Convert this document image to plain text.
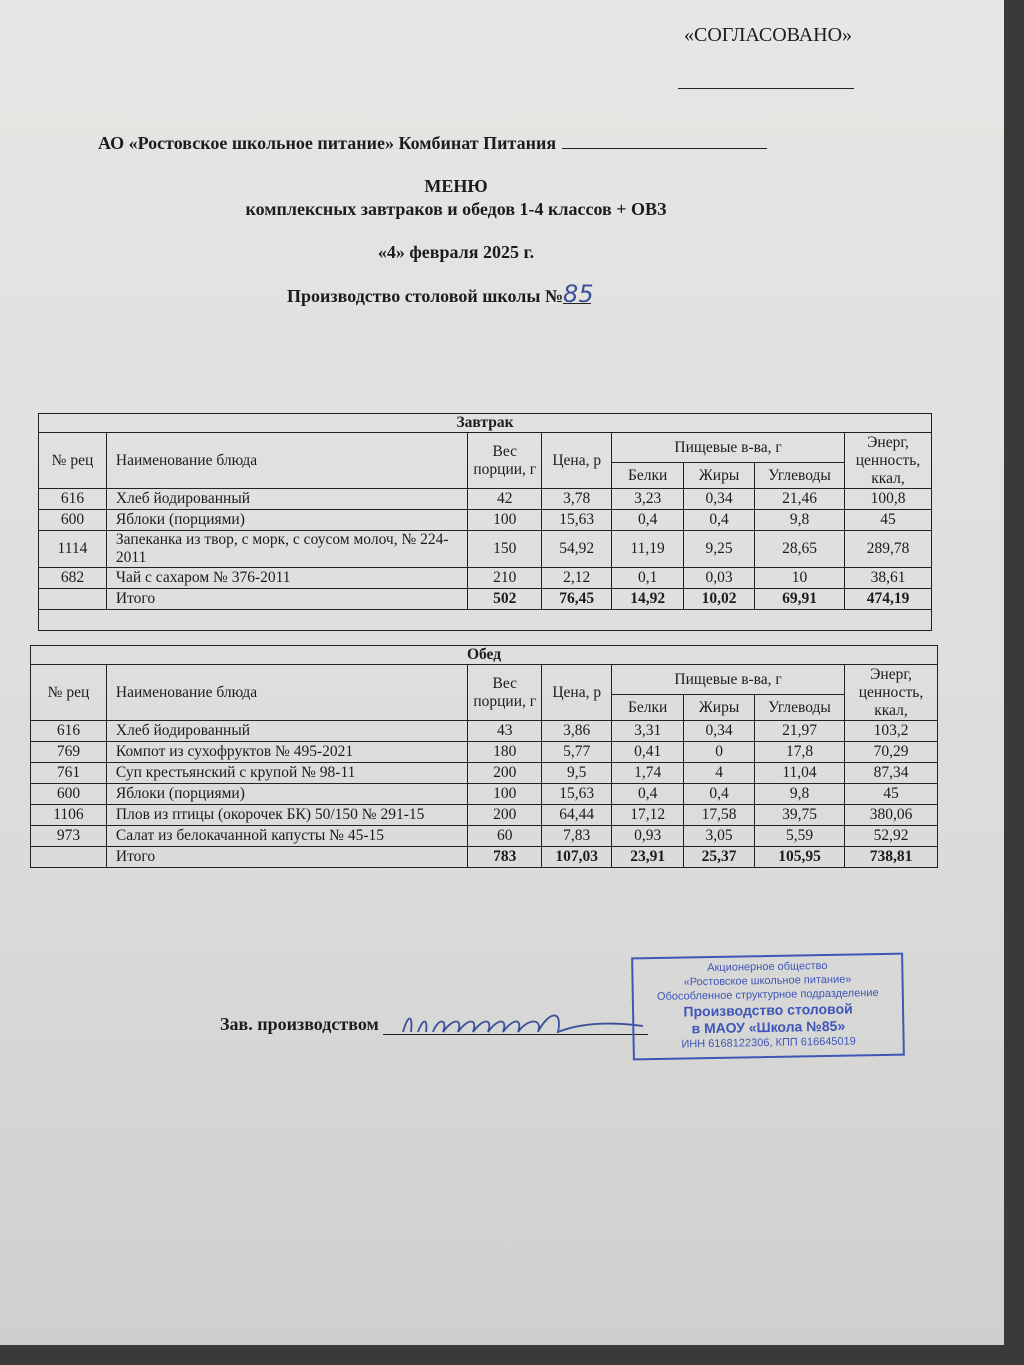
«СОГЛАСОВАНО»
АО «Ростовское школьное питание» Комбинат Питания
МЕНЮ
комплексных завтраков и обедов 1-4 классов + ОВЗ
«4» февраля 2025 г.
Производство столовой школы №85
Завтрак							
№ рец	Наименование блюда	Вес порции, г	Цена, р	Пищевые в-ва, г			Энерг, ценность, ккал,
				Белки	Жиры	Углеводы	
616	Хлеб йодированный	42	3,78	3,23	0,34	21,46	100,8
600	Яблоки (порциями)	100	15,63	0,4	0,4	9,8	45
1114	Запеканка из твор, с морк, с соусом молоч, № 224-2011	150	54,92	11,19	9,25	28,65	289,78
682	Чай с сахаром № 376-2011	210	2,12	0,1	0,03	10	38,61
	Итого	502	76,45	14,92	10,02	69,91	474,19

Обед							
№ рец	Наименование блюда	Вес порции, г	Цена, р	Пищевые в-ва, г			Энерг, ценность, ккал,
				Белки	Жиры	Углеводы	
616	Хлеб йодированный	43	3,86	3,31	0,34	21,97	103,2
769	Компот из сухофруктов № 495-2021	180	5,77	0,41	0	17,8	70,29
761	Суп крестьянский с крупой № 98-11	200	9,5	1,74	4	11,04	87,34
600	Яблоки (порциями)	100	15,63	0,4	0,4	9,8	45
1106	Плов из птицы (окорочек БК) 50/150 № 291-15	200	64,44	17,12	17,58	39,75	380,06
973	Салат из белокачанной капусты № 45-15	60	7,83	0,93	3,05	5,59	52,92
	Итого	783	107,03	23,91	25,37	105,95	738,81
Зав. производством
Акционерное общество
«Ростовское школьное питание»
Обособленное структурное подразделение
Производство столовой
в МАОУ «Школа №85»
ИНН 6168122306, КПП 616645019
